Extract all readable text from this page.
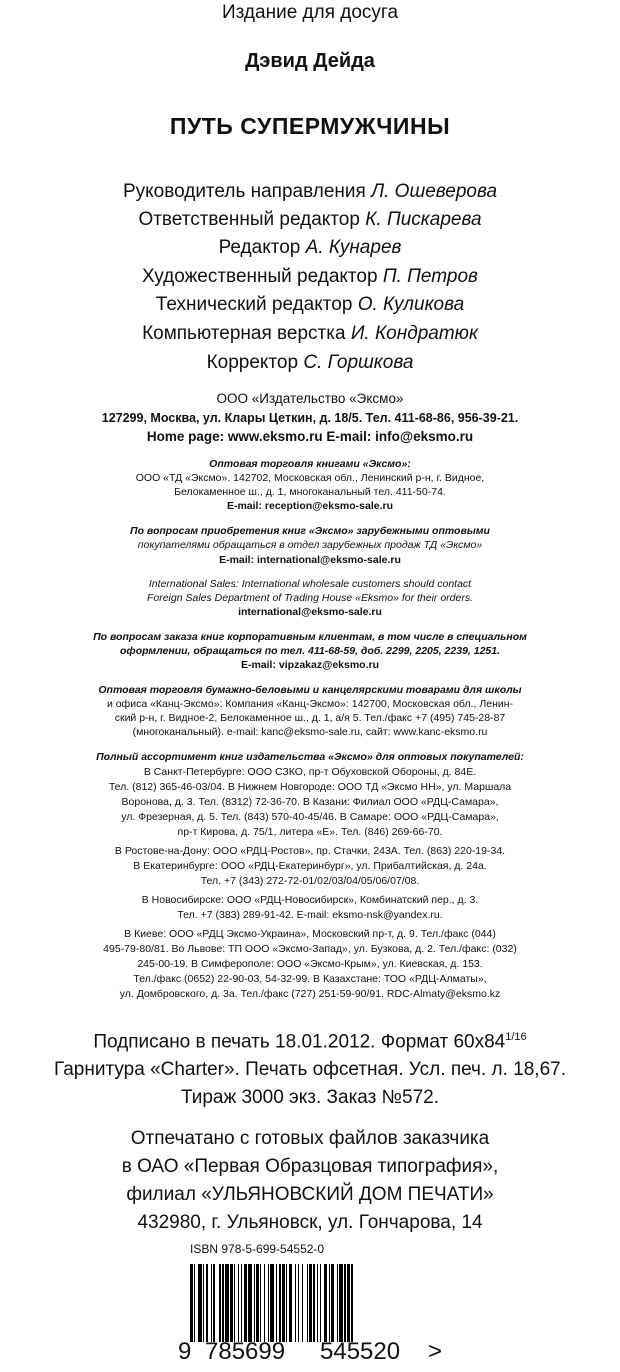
Издание для досуга
Дэвид Дейда
ПУТЬ СУПЕРМУЖЧИНЫ
Руководитель направления Л. Ошеверова
Ответственный редактор К. Пискарева
Редактор А. Кунарев
Художественный редактор П. Петров
Технический редактор О. Куликова
Компьютерная верстка И. Кондратюк
Корректор С. Горшкова
ООО «Издательство «Эксмо»
127299, Москва, ул. Клары Цеткин, д. 18/5. Тел. 411-68-86, 956-39-21.
Home page: www.eksmo.ru E-mail: info@eksmo.ru
Оптовая торговля книгами «Эксмо»:
ООО «ТД «Эксмо». 142702, Московская обл., Ленинский р-н, г. Видное,
Белокаменное ш., д. 1, многоканальный тел. 411-50-74.
E-mail: reception@eksmo-sale.ru
По вопросам приобретения книг «Эксмо» зарубежными оптовыми
покупателями обращаться в отдел зарубежных продаж ТД «Эксмо»
E-mail: international@eksmo-sale.ru
International Sales: International wholesale customers should contact
Foreign Sales Department of Trading House «Eksmo» for their orders.
international@eksmo-sale.ru
По вопросам заказа книг корпоративным клиентам, в том числе в специальном
оформлении, обращаться по тел. 411-68-59, доб. 2299, 2205, 2239, 1251.
E-mail: vipzakaz@eksmo.ru
Оптовая торговля бумажно-беловыми и канцелярскими товарами для школы
и офиса «Канц-Эксмо»: Компания «Канц-Эксмо»: 142700, Московская обл., Ленин-
ский р-н, г. Видное-2, Белокаменное ш., д. 1, а/я 5. Тел./факс +7 (495) 745-28-87
(многоканальный). e-mail: kanc@eksmo-sale.ru, сайт: www.kanc-eksmo.ru
Полный ассортимент книг издательства «Эксмо» для оптовых покупателей:
В Санкт-Петербурге: ООО СЗКО, пр-т Обуховской Обороны, д. 84Е.
Тел. (812) 365-46-03/04. В Нижнем Новгороде: ООО ТД «Эксмо НН», ул. Маршала
Воронова, д. 3. Тел. (8312) 72-36-70. В Казани: Филиал ООО «РДЦ-Самара»,
ул. Фрезерная, д. 5. Тел. (843) 570-40-45/46. В Самаре: ООО «РДЦ-Самара»,
пр-т Кирова, д. 75/1, литера «Е». Тел. (846) 269-66-70.
В Ростове-на-Дону: ООО «РДЦ-Ростов», пр. Стачки, 243А. Тел. (863) 220-19-34.
В Екатеринбурге: ООО «РДЦ-Екатеринбург», ул. Прибалтийская, д. 24а.
Тел. +7 (343) 272-72-01/02/03/04/05/06/07/08.
В Новосибирске: ООО «РДЦ-Новосибирск», Комбинатский пер., д. 3.
Тел. +7 (383) 289-91-42. E-mail: eksmo-nsk@yandex.ru.
В Киеве: ООО «РДЦ Эксмо-Украина», Московский пр-т, д. 9. Тел./факс (044)
495-79-80/81. Во Львове: ТП ООО «Эксмо-Запад», ул. Бузкова, д. 2. Тел./факс: (032)
245-00-19. В Симферополе: ООО «Эксмо-Крым», ул. Киевская, д. 153.
Тел./факс (0652) 22-90-03, 54-32-99. В Казахстане: ТОО «РДЦ-Алматы»,
ул. Домбровского, д. 3а. Тел./факс (727) 251-59-90/91. RDC-Almaty@eksmo.kz
Подписано в печать 18.01.2012. Формат $60x84^{1/16}$
Гарнитура «Charter». Печать офсетная. Усл. печ. л. 18,67.
Тираж 3000 экз. Заказ №572.
Отпечатано с готовых файлов заказчика
в ОАО «Первая Образцовая типография»,
филиал «УЛЬЯНОВСКИЙ ДОМ ПЕЧАТИ»
432980, г. Ульяновск, ул. Гончарова, 14
ISBN 978-5-699-54552-0
9 785699 545520 >
